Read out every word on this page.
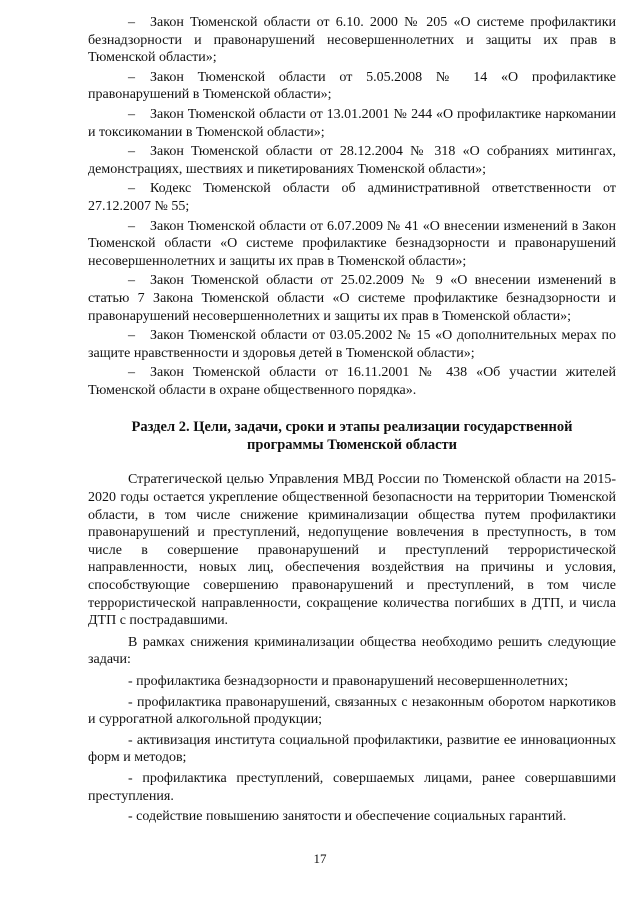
– Закон Тюменской области от 6.10. 2000 № 205 «О системе профилактики безнадзорности и правонарушений несовершеннолетних и защиты их прав в Тюменской области»;

– Закон Тюменской области от 5.05.2008 № 14 «О профилактике правонарушений в Тюменской области»;

– Закон Тюменской области от 13.01.2001 № 244 «О профилактике наркомании и токсикомании в Тюменской области»;

– Закон Тюменской области от 28.12.2004 № 318 «О собраниях митингах, демонстрациях, шествиях и пикетированиях Тюменской области»;

– Кодекс Тюменской области об административной ответственности от 27.12.2007 № 55;

– Закон Тюменской области от 6.07.2009 № 41 «О внесении изменений в Закон Тюменской области «О системе профилактике безнадзорности и правонарушений несовершеннолетних и защиты их прав в Тюменской области»;

– Закон Тюменской области от 25.02.2009 № 9 «О внесении изменений в статью 7 Закона Тюменской области «О системе профилактике безнадзорности и правонарушений несовершеннолетних и защиты их прав в Тюменской области»;

– Закон Тюменской области от 03.05.2002 № 15 «О дополнительных мерах по защите нравственности и здоровья детей в Тюменской области»;

– Закон Тюменской области от 16.11.2001 № 438 «Об участии жителей Тюменской области в охране общественного порядка».

Раздел 2. Цели, задачи, сроки и этапы реализации государственной программы Тюменской области

Стратегической целью Управления МВД России по Тюменской области на 2015-2020 годы остается укрепление общественной безопасности на территории Тюменской области, в том числе снижение криминализации общества путем профилактики правонарушений и преступлений, недопущение вовлечения в преступность, в том числе в совершение правонарушений и преступлений террористической направленности, новых лиц, обеспечения воздействия на причины и условия, способствующие совершению правонарушений и преступлений, в том числе террористической направленности, сокращение количества погибших в ДТП, и числа ДТП с пострадавшими.

В рамках снижения криминализации общества необходимо решить следующие задачи:

- профилактика безнадзорности и правонарушений несовершеннолетних;

- профилактика правонарушений, связанных с незаконным оборотом наркотиков и суррогатной алкогольной продукции;

- активизация института социальной профилактики, развитие ее инновационных форм и методов;

- профилактика преступлений, совершаемых лицами, ранее совершавшими преступления.

- содействие повышению занятости и обеспечение социальных гарантий.

17
